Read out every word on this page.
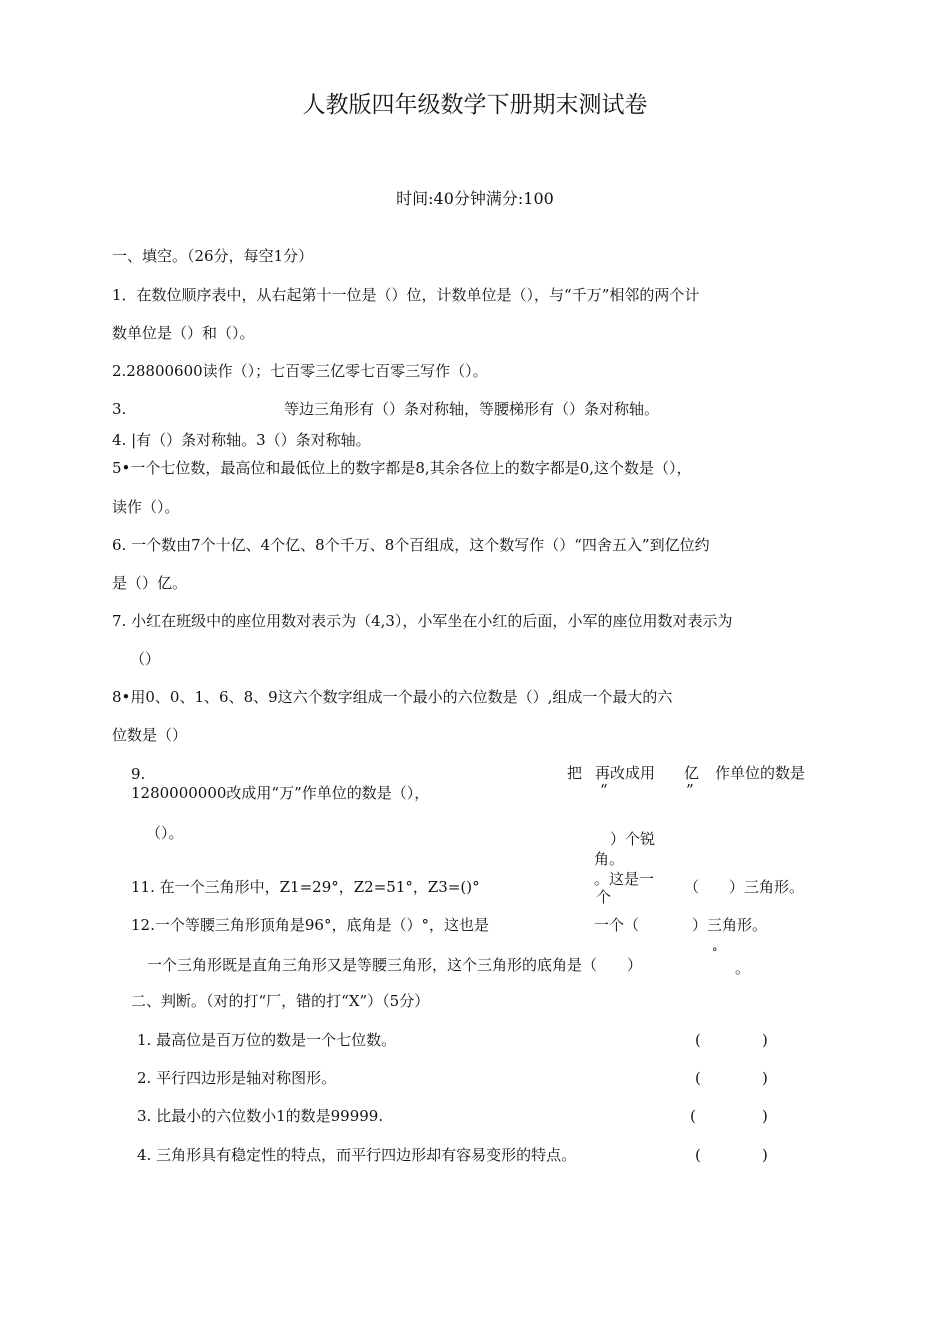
人教版四年级数学下册期末测试卷
时间:40分钟满分:100
一、填空。（26分，每空1分）
1．在数位顺序表中，从右起第十一位是（）位，计数单位是（），与“千万”相邻的两个计
数单位是（）和（）。
2.28800600读作（）；七百零三亿零七百零三写作（）。
3.	等边三角形有（）条对称轴，等腰梯形有（）条对称轴。
4. |有（）条对称轴。3（）条对称轴。
5•一个七位数，最高位和最低位上的数字都是8,其余各位上的数字都是0,这个数是（），
读作（）。
6. 一个数由7个十亿、4个亿、8个千万、8个百组成，这个数写作（）“四舍五入”到亿位约
是（）亿。
7. 小红在班级中的座位用数对表示为（4,3），小军坐在小红的后面，小军的座位用数对表示为
（）
8•用0、0、1、6、8、9这六个数字组成一个最小的六位数是（）,组成一个最大的六
位数是（）
9.
1280000000改成用“万”作单位的数是（），
把 再改成用
“
亿
”
作单位的数是
（）。	）个锐
角。
11. 在一个三角形中，Z1=29°，Z2=51°，Z3=()°	。这是一
个
（　　）三角形。
12.一个等腰三角形顶角是96°，底角是（）°，这也是	一个（	）三角形。
一个三角形既是直角三角形又是等腰三角形，这个三角形的底角是（　　）
°
。
二、判断。（对的打“厂，错的打“X”）（5分）
1. 最高位是百万位的数是一个七位数。	(	)
2. 平行四边形是轴对称图形。	(	)
3. 比最小的六位数小1的数是99999.	(	)
4. 三角形具有稳定性的特点，而平行四边形却有容易变形的特点。	(	)
